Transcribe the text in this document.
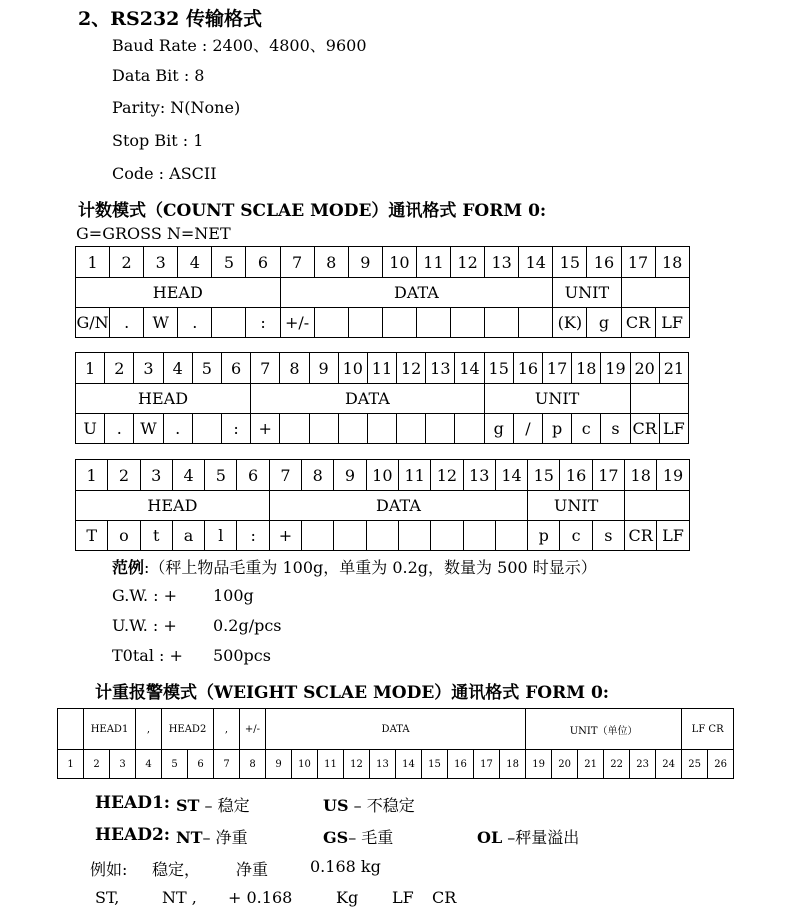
2、RS232 传输格式
Baud Rate : 2400、4800、9600
Data Bit : 8
Parity: N(None)
Stop Bit : 1
Code : ASCII
计数模式（COUNT SCLAE MODE）通讯格式 FORM 0:
G=GROSS N=NET
1	2	3	4	5	6	7	8	9	10	11	12	13	14	15	16	17	18
HEAD						DATA								UNIT			
G/N	.	W	.		:	+/-								(K)	g	CR	LF
1	2	3	4	5	6	7	8	9	10	11	12	13	14	15	16	17	18	19	20	21
HEAD						DATA								UNIT						
U	.	W	.		:	+								g	/	p	c	s	CR	LF
1	2	3	4	5	6	7	8	9	10	11	12	13	14	15	16	17	18	19
HEAD						DATA								UNIT				
T	o	t	a	l	:	+								p	c	s	CR	LF
范例:（秤上物品毛重为 100g，单重为 0.2g，数量为 500 时显示）
G.W. : + 100g
U.W. : + 0.2g/pcs
T0tal : + 500pcs
计重报警模式（WEIGHT SCLAE MODE）通讯格式 FORM 0:
	HEAD1		,	HEAD2		,	+/-	DATA										UNIT（单位）						LF CR	
1	2	3	4	5	6	7	8	9	10	11	12	13	14	15	16	17	18	19	20	21	22	23	24	25	26
HEAD1: ST – 稳定	US – 不稳定
HEAD2: NT– 净重	GS– 毛重	OL –秤量溢出
例如: 稳定， 净重	0.168 kg
ST,	NT , + 0.168	Kg LF CR
